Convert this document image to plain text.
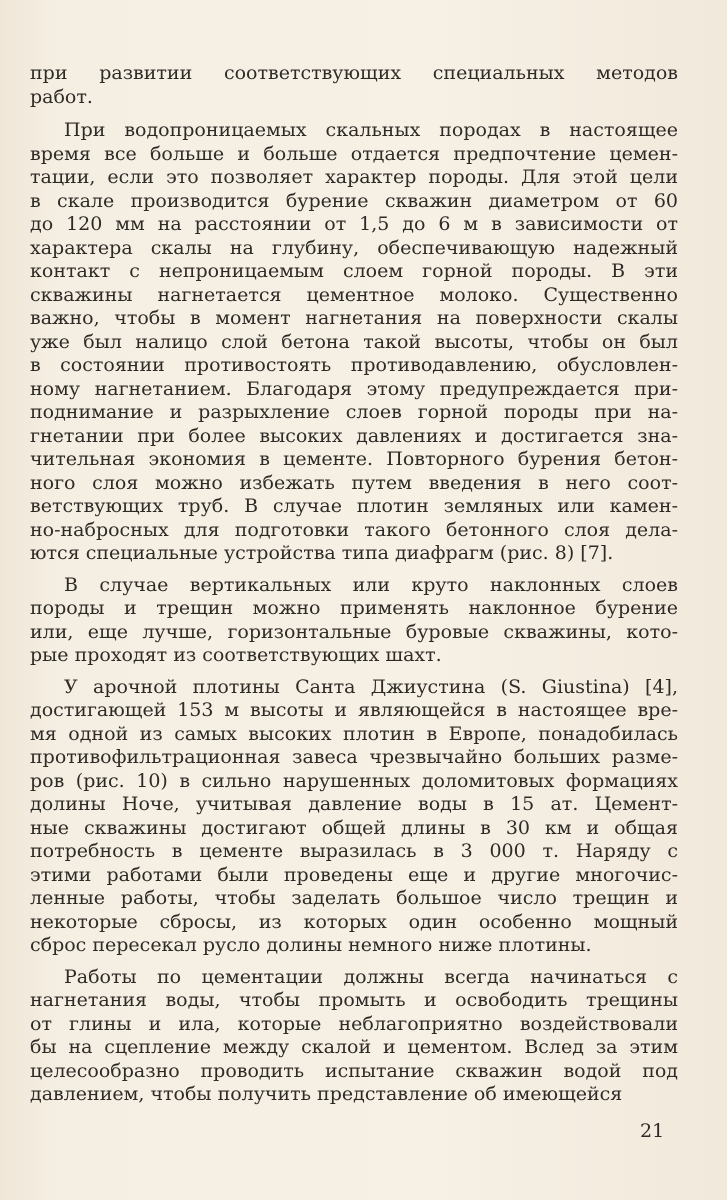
при развитии соответствующих специальных методов
работ.
При водопроницаемых скальных породах в настоящее
время все больше и больше отдается предпочтение цемен-
тации, если это позволяет характер породы. Для этой цели
в скале производится бурение скважин диаметром от 60
до 120 мм на расстоянии от 1,5 до 6 м в зависимости от
характера скалы на глубину, обеспечивающую надежный
контакт с непроницаемым слоем горной породы. В эти
скважины нагнетается цементное молоко. Существенно
важно, чтобы в момент нагнетания на поверхности скалы
уже был налицо слой бетона такой высоты, чтобы он был
в состоянии противостоять противодавлению, обусловлен-
ному нагнетанием. Благодаря этому предупреждается при-
поднимание и разрыхление слоев горной породы при на-
гнетании при более высоких давлениях и достигается зна-
чительная экономия в цементе. Повторного бурения бетон-
ного слоя можно избежать путем введения в него соот-
ветствующих труб. В случае плотин земляных или камен-
но-набросных для подготовки такого бетонного слоя дела-
ются специальные устройства типа диафрагм (рис. 8) [7].
В случае вертикальных или круто наклонных слоев
породы и трещин можно применять наклонное бурение
или, еще лучше, горизонтальные буровые скважины, кото-
рые проходят из соответствующих шахт.
У арочной плотины Санта Джиустина (S. Giustina) [4],
достигающей 153 м высоты и являющейся в настоящее вре-
мя одной из самых высоких плотин в Европе, понадобилась
противофильтрационная завеса чрезвычайно больших разме-
ров (рис. 10) в сильно нарушенных доломитовых формациях
долины Ноче, учитывая давление воды в 15 ат. Цемент-
ные скважины достигают общей длины в 30 км и общая
потребность в цементе выразилась в 3 000 т. Наряду с
этими работами были проведены еще и другие многочис-
ленные работы, чтобы заделать большое число трещин и
некоторые сбросы, из которых один особенно мощный
сброс пересекал русло долины немного ниже плотины.
Работы по цементации должны всегда начинаться с
нагнетания воды, чтобы промыть и освободить трещины
от глины и ила, которые неблагоприятно воздействовали
бы на сцепление между скалой и цементом. Вслед за этим
целесообразно проводить испытание скважин водой под
давлением, чтобы получить представление об имеющейся
21
